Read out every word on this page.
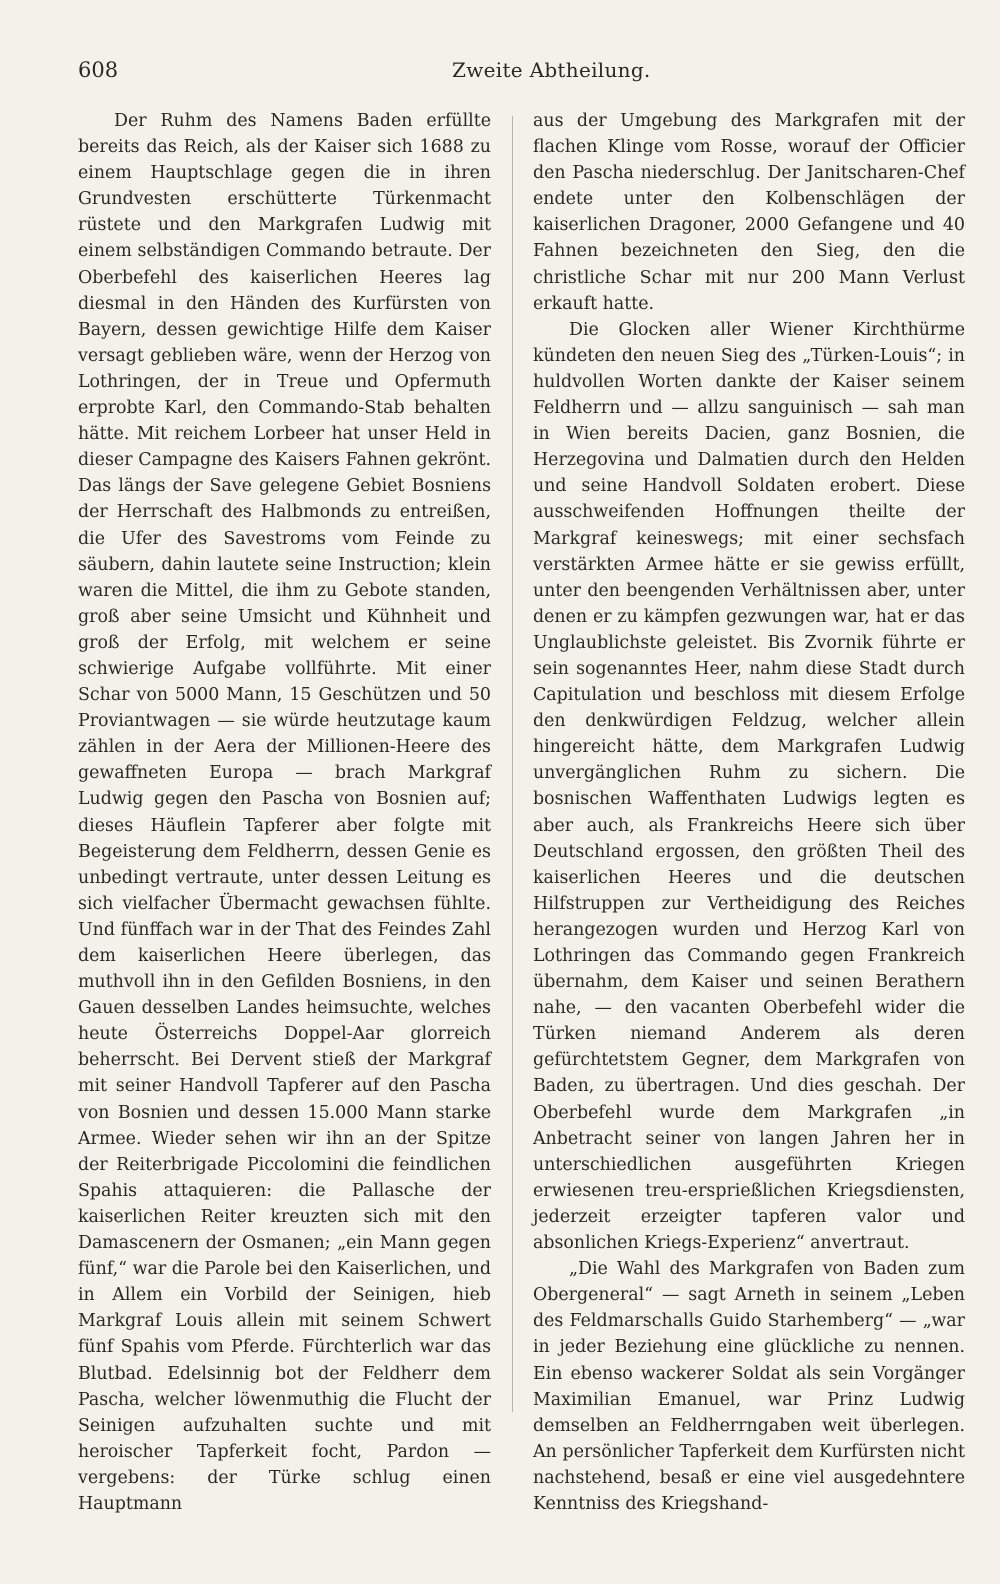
608	Zweite Abtheilung.

Der Ruhm des Namens Baden erfüllte bereits das Reich, als der Kaiser sich 1688 zu einem Hauptschlage gegen die in ihren Grundvesten erschütterte Türkenmacht rüstete und den Markgrafen Ludwig mit einem selbständigen Commando betraute. Der Oberbefehl des kaiserlichen Heeres lag diesmal in den Händen des Kurfürsten von Bayern, dessen gewichtige Hilfe dem Kaiser versagt geblieben wäre, wenn der Herzog von Lothringen, der in Treue und Opfermuth erprobte Karl, den Commando-Stab behalten hätte. Mit reichem Lorbeer hat unser Held in dieser Campagne des Kaisers Fahnen gekrönt. Das längs der Save gelegene Gebiet Bosniens der Herrschaft des Halbmonds zu entreißen, die Ufer des Savestroms vom Feinde zu säubern, dahin lautete seine Instruction; klein waren die Mittel, die ihm zu Gebote standen, groß aber seine Umsicht und Kühnheit und groß der Erfolg, mit welchem er seine schwierige Aufgabe vollführte. Mit einer Schar von 5000 Mann, 15 Geschützen und 50 Proviantwagen — sie würde heutzutage kaum zählen in der Aera der Millionen-Heere des gewaffneten Europa — brach Markgraf Ludwig gegen den Pascha von Bosnien auf; dieses Häuflein Tapferer aber folgte mit Begeisterung dem Feldherrn, dessen Genie es unbedingt vertraute, unter dessen Leitung es sich vielfacher Übermacht gewachsen fühlte. Und fünffach war in der That des Feindes Zahl dem kaiserlichen Heere überlegen, das muthvoll ihn in den Gefilden Bosniens, in den Gauen desselben Landes heimsuchte, welches heute Österreichs Doppel-Aar glorreich beherrscht. Bei Dervent stieß der Markgraf mit seiner Handvoll Tapferer auf den Pascha von Bosnien und dessen 15.000 Mann starke Armee. Wieder sehen wir ihn an der Spitze der Reiterbrigade Piccolomini die feindlichen Spahis attaquieren: die Pallasche der kaiserlichen Reiter kreuzten sich mit den Damascenern der Osmanen; „ein Mann gegen fünf,“ war die Parole bei den Kaiserlichen, und in Allem ein Vorbild der Seinigen, hieb Markgraf Louis allein mit seinem Schwert fünf Spahis vom Pferde. Fürchterlich war das Blutbad. Edelsinnig bot der Feldherr dem Pascha, welcher löwenmuthig die Flucht der Seinigen aufzuhalten suchte und mit heroischer Tapferkeit focht, Pardon — vergebens: der Türke schlug einen Hauptmann

aus der Umgebung des Markgrafen mit der flachen Klinge vom Rosse, worauf der Officier den Pascha niederschlug. Der Janitscharen-Chef endete unter den Kolbenschlägen der kaiserlichen Dragoner, 2000 Gefangene und 40 Fahnen bezeichneten den Sieg, den die christliche Schar mit nur 200 Mann Verlust erkauft hatte.

Die Glocken aller Wiener Kirchthürme kündeten den neuen Sieg des „Türken-Louis“; in huldvollen Worten dankte der Kaiser seinem Feldherrn und — allzu sanguinisch — sah man in Wien bereits Dacien, ganz Bosnien, die Herzegovina und Dalmatien durch den Helden und seine Handvoll Soldaten erobert. Diese ausschweifenden Hoffnungen theilte der Markgraf keineswegs; mit einer sechsfach verstärkten Armee hätte er sie gewiss erfüllt, unter den beengenden Verhältnissen aber, unter denen er zu kämpfen gezwungen war, hat er das Unglaublichste geleistet. Bis Zvornik führte er sein sogenanntes Heer, nahm diese Stadt durch Capitulation und beschloss mit diesem Erfolge den denkwürdigen Feldzug, welcher allein hingereicht hätte, dem Markgrafen Ludwig unvergänglichen Ruhm zu sichern. Die bosnischen Waffenthaten Ludwigs legten es aber auch, als Frankreichs Heere sich über Deutschland ergossen, den größten Theil des kaiserlichen Heeres und die deutschen Hilfstruppen zur Vertheidigung des Reiches herangezogen wurden und Herzog Karl von Lothringen das Commando gegen Frankreich übernahm, dem Kaiser und seinen Berathern nahe, — den vacanten Oberbefehl wider die Türken niemand Anderem als deren gefürchtetstem Gegner, dem Markgrafen von Baden, zu übertragen. Und dies geschah. Der Oberbefehl wurde dem Markgrafen „in Anbetracht seiner von langen Jahren her in unterschiedlichen ausgeführten Kriegen erwiesenen treu-ersprießlichen Kriegsdiensten, jederzeit erzeigter tapferen valor und absonlichen Kriegs-Experienz“ anvertraut.

„Die Wahl des Markgrafen von Baden zum Obergeneral“ — sagt Arneth in seinem „Leben des Feldmarschalls Guido Starhemberg“ — „war in jeder Beziehung eine glückliche zu nennen. Ein ebenso wackerer Soldat als sein Vorgänger Maximilian Emanuel, war Prinz Ludwig demselben an Feldherrngaben weit überlegen. An persönlicher Tapferkeit dem Kurfürsten nicht nachstehend, besaß er eine viel ausgedehntere Kenntniss des Kriegshand-
